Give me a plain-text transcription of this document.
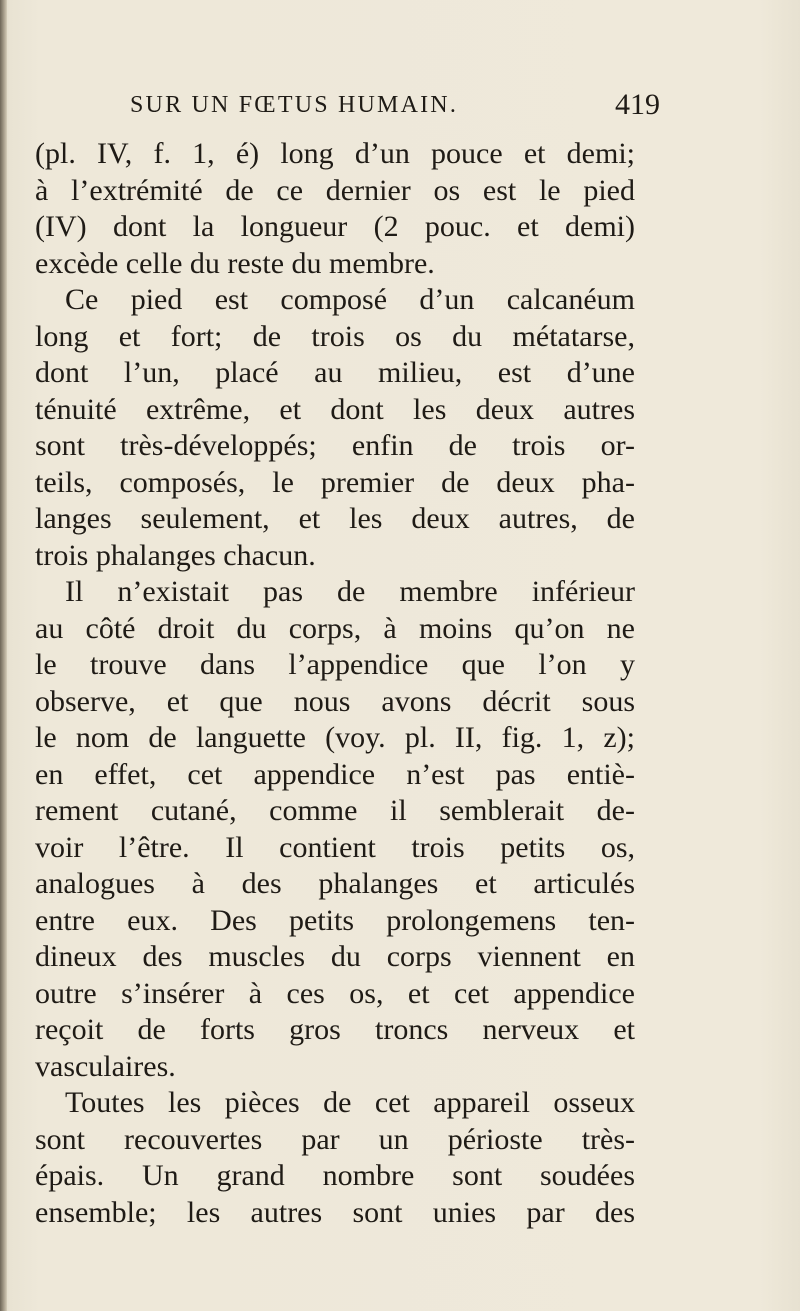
SUR UN FŒTUS HUMAIN.	419
(pl. IV, f. 1, é) long d’un pouce et demi;
à l’extrémité de ce dernier os est le pied
(IV) dont la longueur (2 pouc. et demi)
excède celle du reste du membre.
Ce pied est composé d’un calcanéum
long et fort; de trois os du métatarse,
dont l’un, placé au milieu, est d’une
ténuité extrême, et dont les deux autres
sont très-développés; enfin de trois or-
teils, composés, le premier de deux pha-
langes seulement, et les deux autres, de
trois phalanges chacun.
Il n’existait pas de membre inférieur
au côté droit du corps, à moins qu’on ne
le trouve dans l’appendice que l’on y
observe, et que nous avons décrit sous
le nom de languette (voy. pl. II, fig. 1, z);
en effet, cet appendice n’est pas entiè-
rement cutané, comme il semblerait de-
voir l’être. Il contient trois petits os,
analogues à des phalanges et articulés
entre eux. Des petits prolongemens ten-
dineux des muscles du corps viennent en
outre s’insérer à ces os, et cet appendice
reçoit de forts gros troncs nerveux et
vasculaires.
Toutes les pièces de cet appareil osseux
sont recouvertes par un périoste très-
épais. Un grand nombre sont soudées
ensemble; les autres sont unies par des
